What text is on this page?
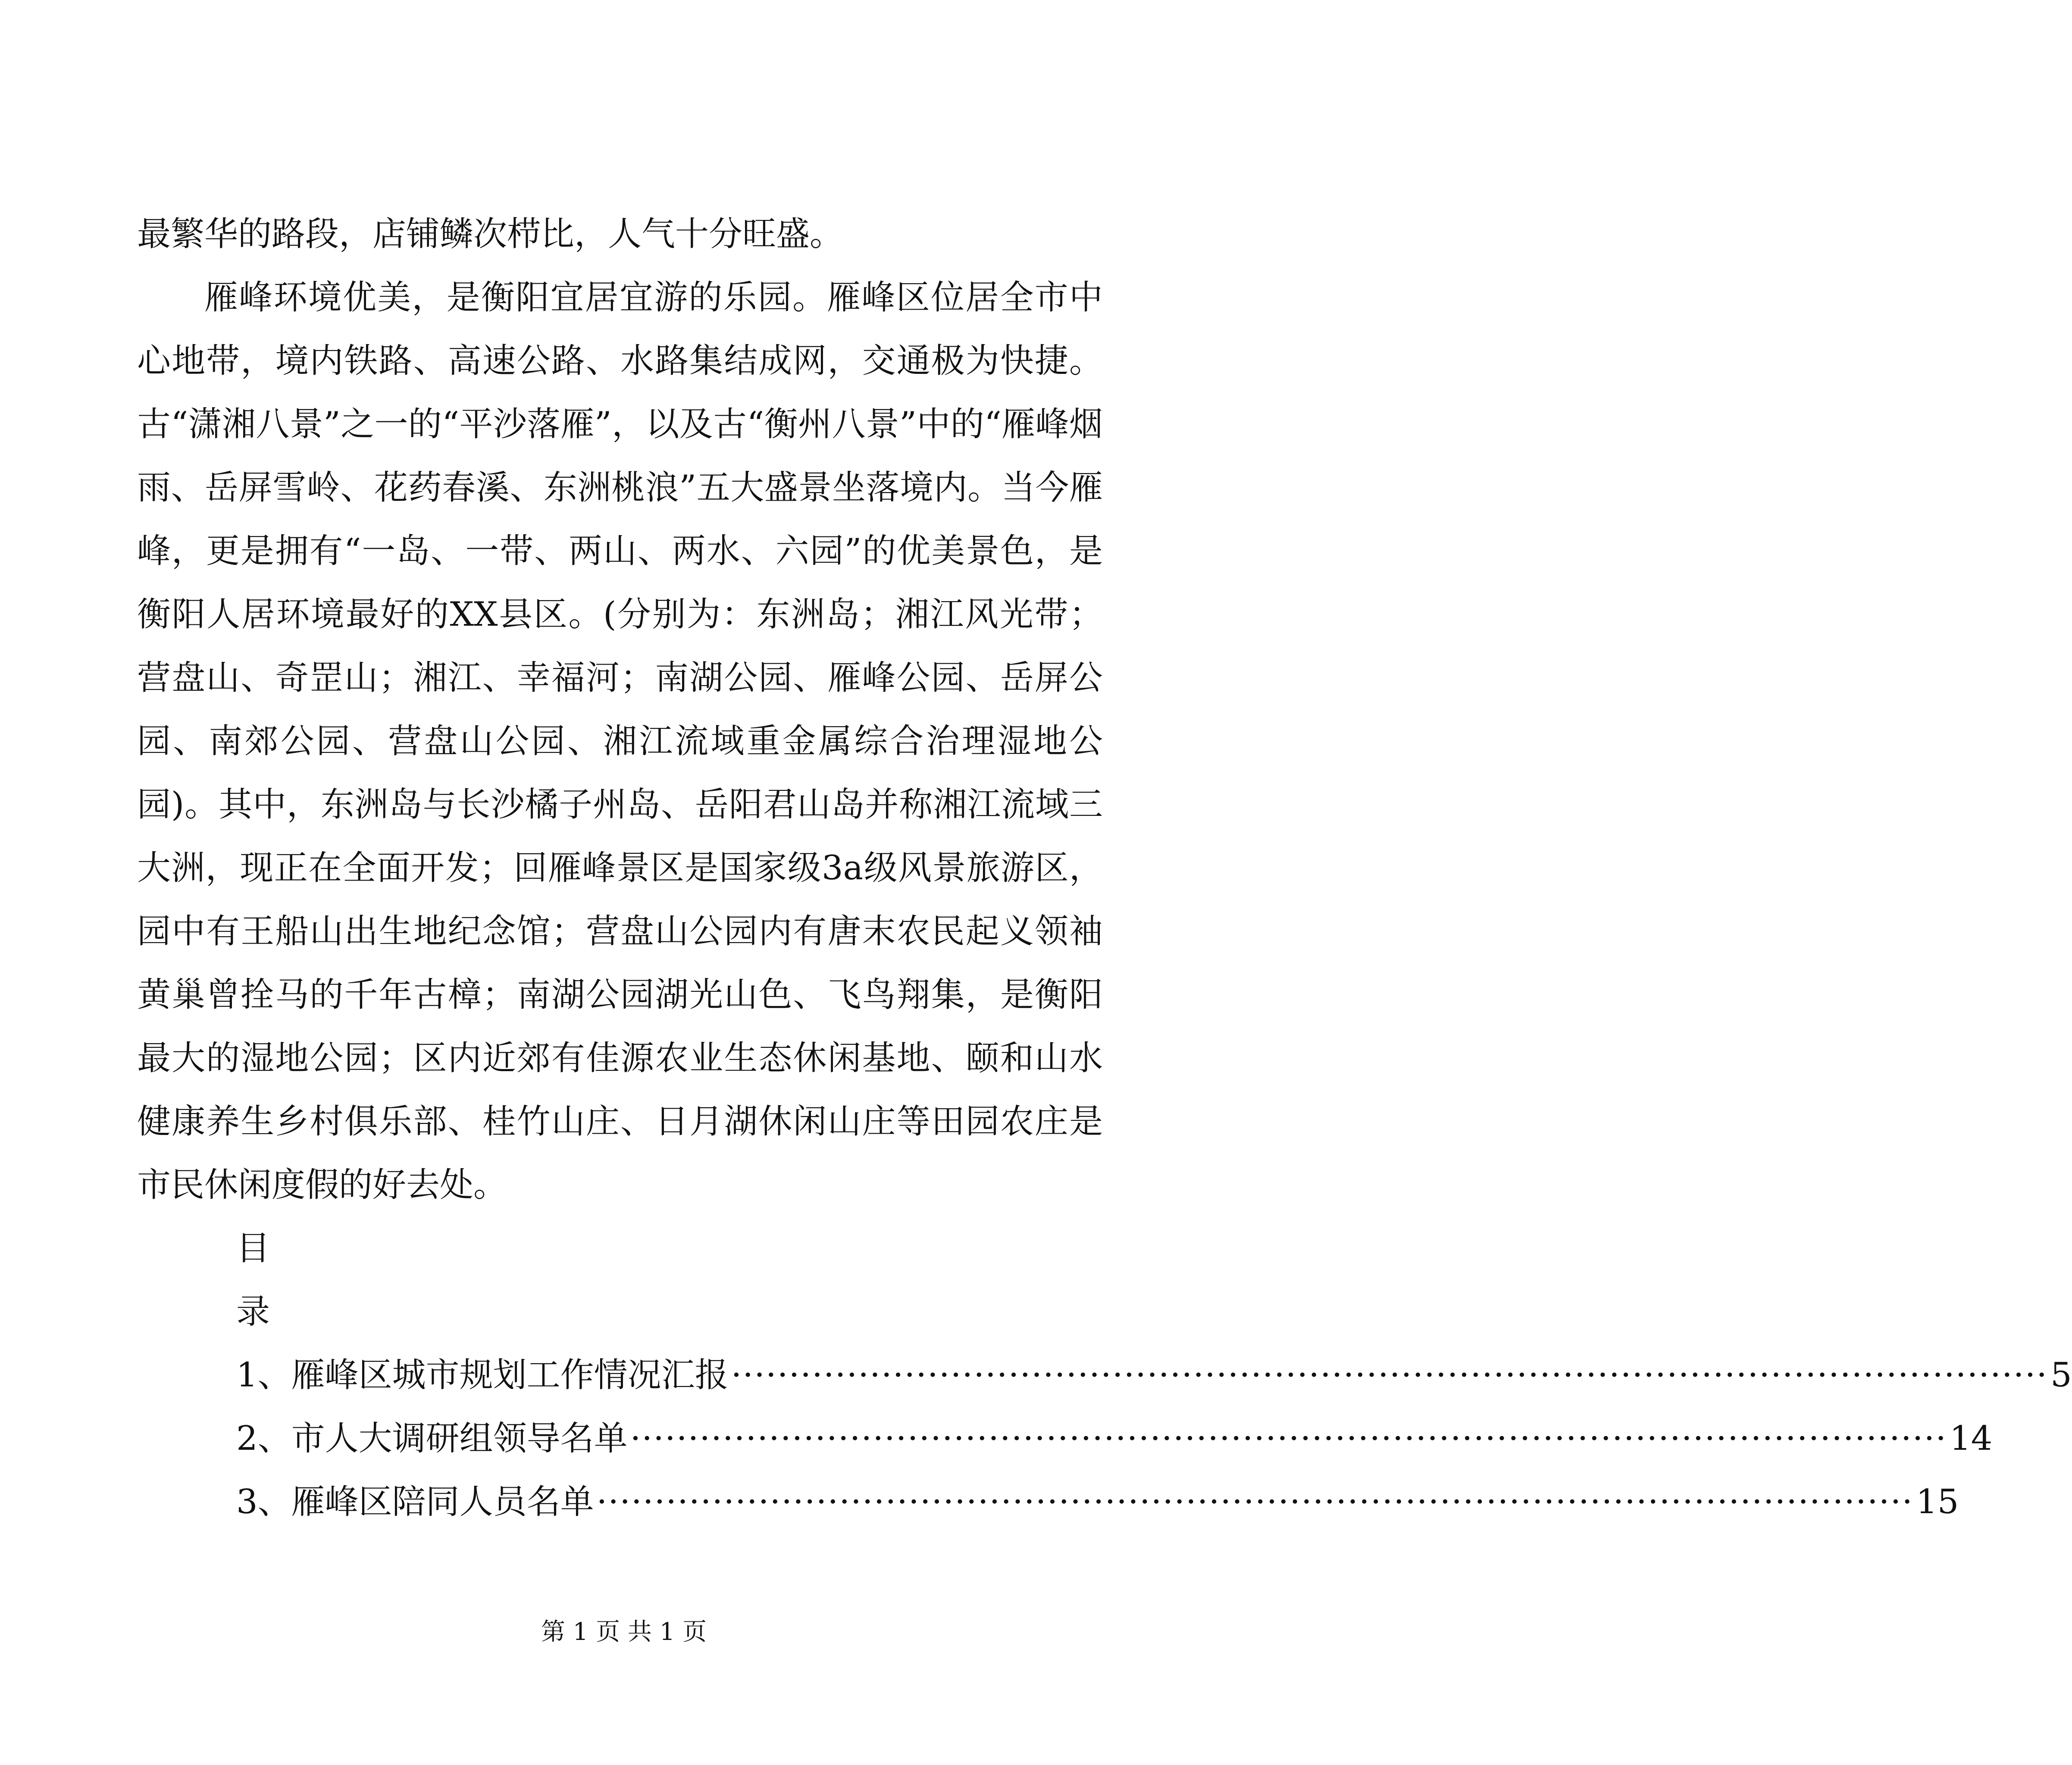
最繁华的路段，店铺鳞次栉比，人气十分旺盛。

雁峰环境优美，是衡阳宜居宜游的乐园。雁峰区位居全市中心地带，境内铁路、高速公路、水路集结成网，交通极为快捷。古“潇湘八景”之一的“平沙落雁”，以及古“衡州八景”中的“雁峰烟雨、岳屏雪岭、花药春溪、东洲桃浪”五大盛景坐落境内。当今雁峰，更是拥有“一岛、一带、两山、两水、六园”的优美景色，是衡阳人居环境最好的XX县区。(分别为：东洲岛；湘江风光带；营盘山、奇罡山；湘江、幸福河；南湖公园、雁峰公园、岳屏公园、南郊公园、营盘山公园、湘江流域重金属综合治理湿地公园)。其中，东洲岛与长沙橘子州岛、岳阳君山岛并称湘江流域三大洲，现正在全面开发；回雁峰景区是国家级3a级风景旅游区，园中有王船山出生地纪念馆；营盘山公园内有唐末农民起义领袖黄巢曾拴马的千年古樟；南湖公园湖光山色、飞鸟翔集，是衡阳最大的湿地公园；区内近郊有佳源农业生态休闲基地、颐和山水健康养生乡村俱乐部、桂竹山庄、日月湖休闲山庄等田园农庄是市民休闲度假的好去处。

目

录

1、雁峰区城市规划工作情况汇报 ·················································································································· 5
2、市人大调研组领导名单 ·················································································································· 14
3、雁峰区陪同人员名单 ·················································································································· 15
第 1 页 共 1 页
